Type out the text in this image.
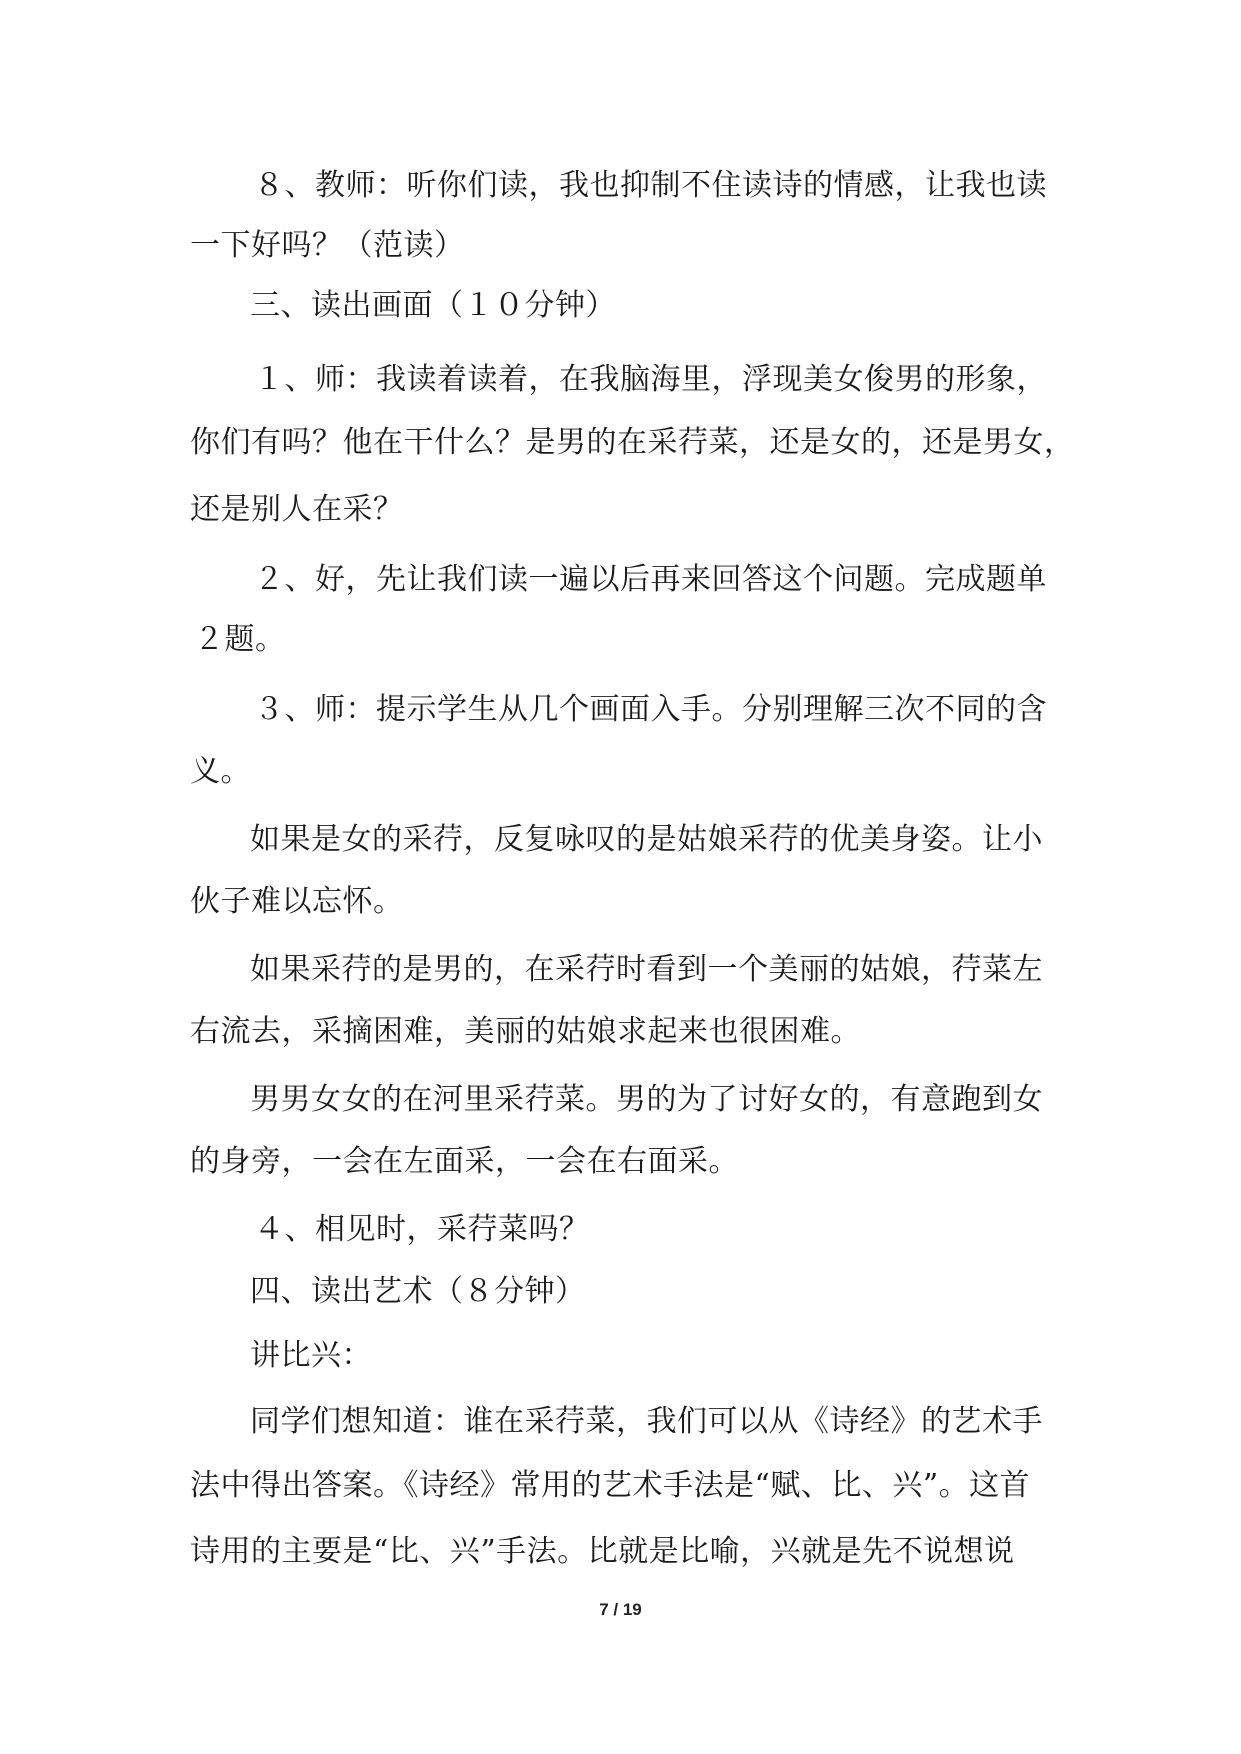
８、教师：听你们读，我也抑制不住读诗的情感，让我也读
一下好吗？（范读）
三、读出画面（１０分钟）
１、师：我读着读着，在我脑海里，浮现美女俊男的形象，
你们有吗？他在干什么？是男的在采荇菜，还是女的，还是男女，
还是别人在采？
２、好，先让我们读一遍以后再来回答这个问题。完成题单
２题。
３、师：提示学生从几个画面入手。分别理解三次不同的含
义。
如果是女的采荇，反复咏叹的是姑娘采荇的优美身姿。让小
伙子难以忘怀。
如果采荇的是男的，在采荇时看到一个美丽的姑娘，荇菜左
右流去，采摘困难，美丽的姑娘求起来也很困难。
男男女女的在河里采荇菜。男的为了讨好女的，有意跑到女
的身旁，一会在左面采，一会在右面采。
４、相见时，采荇菜吗？
四、读出艺术（８分钟）
讲比兴：
同学们想知道：谁在采荇菜，我们可以从《诗经》的艺术手
法中得出答案。《诗经》常用的艺术手法是“赋、比、兴”。这首
诗用的主要是“比、兴”手法。比就是比喻，兴就是先不说想说
7 / 19
